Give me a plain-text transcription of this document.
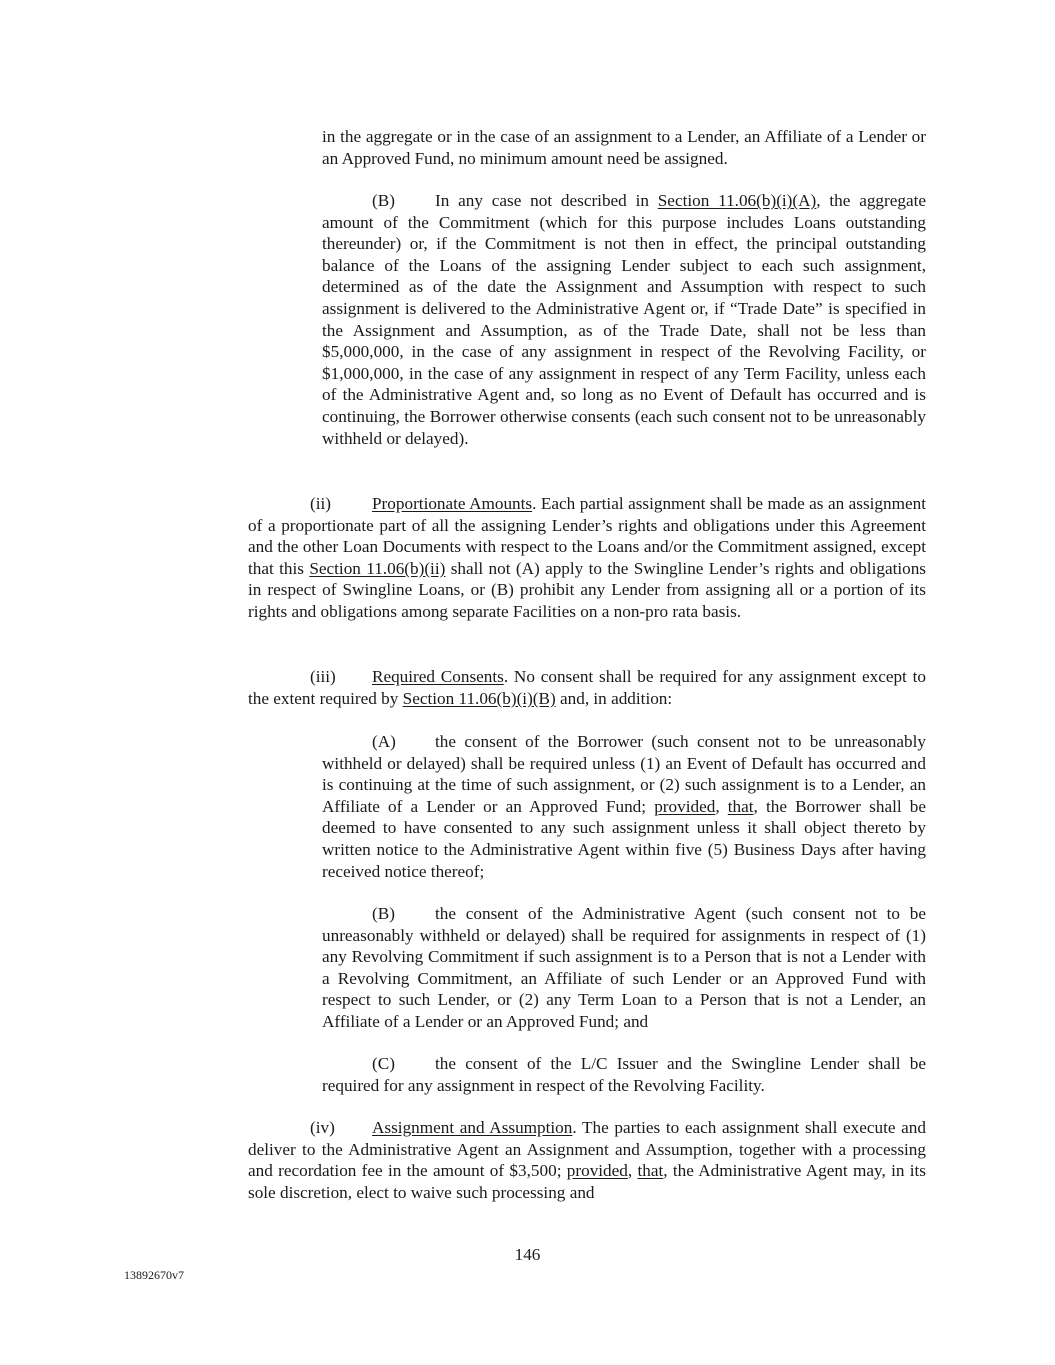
in the aggregate or in the case of an assignment to a Lender, an Affiliate of a Lender or an Approved Fund, no minimum amount need be assigned.

(B) In any case not described in Section 11.06(b)(i)(A), the aggregate amount of the Commitment (which for this purpose includes Loans outstanding thereunder) or, if the Commitment is not then in effect, the principal outstanding balance of the Loans of the assigning Lender subject to each such assignment, determined as of the date the Assignment and Assumption with respect to such assignment is delivered to the Administrative Agent or, if “Trade Date” is specified in the Assignment and Assumption, as of the Trade Date, shall not be less than $5,000,000, in the case of any assignment in respect of the Revolving Facility, or $1,000,000, in the case of any assignment in respect of any Term Facility, unless each of the Administrative Agent and, so long as no Event of Default has occurred and is continuing, the Borrower otherwise consents (each such consent not to be unreasonably withheld or delayed).

(ii) Proportionate Amounts. Each partial assignment shall be made as an assignment of a proportionate part of all the assigning Lender’s rights and obligations under this Agreement and the other Loan Documents with respect to the Loans and/or the Commitment assigned, except that this Section 11.06(b)(ii) shall not (A) apply to the Swingline Lender’s rights and obligations in respect of Swingline Loans, or (B) prohibit any Lender from assigning all or a portion of its rights and obligations among separate Facilities on a non-pro rata basis.

(iii) Required Consents. No consent shall be required for any assignment except to the extent required by Section 11.06(b)(i)(B) and, in addition:

(A) the consent of the Borrower (such consent not to be unreasonably withheld or delayed) shall be required unless (1) an Event of Default has occurred and is continuing at the time of such assignment, or (2) such assignment is to a Lender, an Affiliate of a Lender or an Approved Fund; provided, that, the Borrower shall be deemed to have consented to any such assignment unless it shall object thereto by written notice to the Administrative Agent within five (5) Business Days after having received notice thereof;

(B) the consent of the Administrative Agent (such consent not to be unreasonably withheld or delayed) shall be required for assignments in respect of (1) any Revolving Commitment if such assignment is to a Person that is not a Lender with a Revolving Commitment, an Affiliate of such Lender or an Approved Fund with respect to such Lender, or (2) any Term Loan to a Person that is not a Lender, an Affiliate of a Lender or an Approved Fund; and

(C) the consent of the L/C Issuer and the Swingline Lender shall be required for any assignment in respect of the Revolving Facility.

(iv) Assignment and Assumption. The parties to each assignment shall execute and deliver to the Administrative Agent an Assignment and Assumption, together with a processing and recordation fee in the amount of $3,500; provided, that, the Administrative Agent may, in its sole discretion, elect to waive such processing and

146
13892670v7
